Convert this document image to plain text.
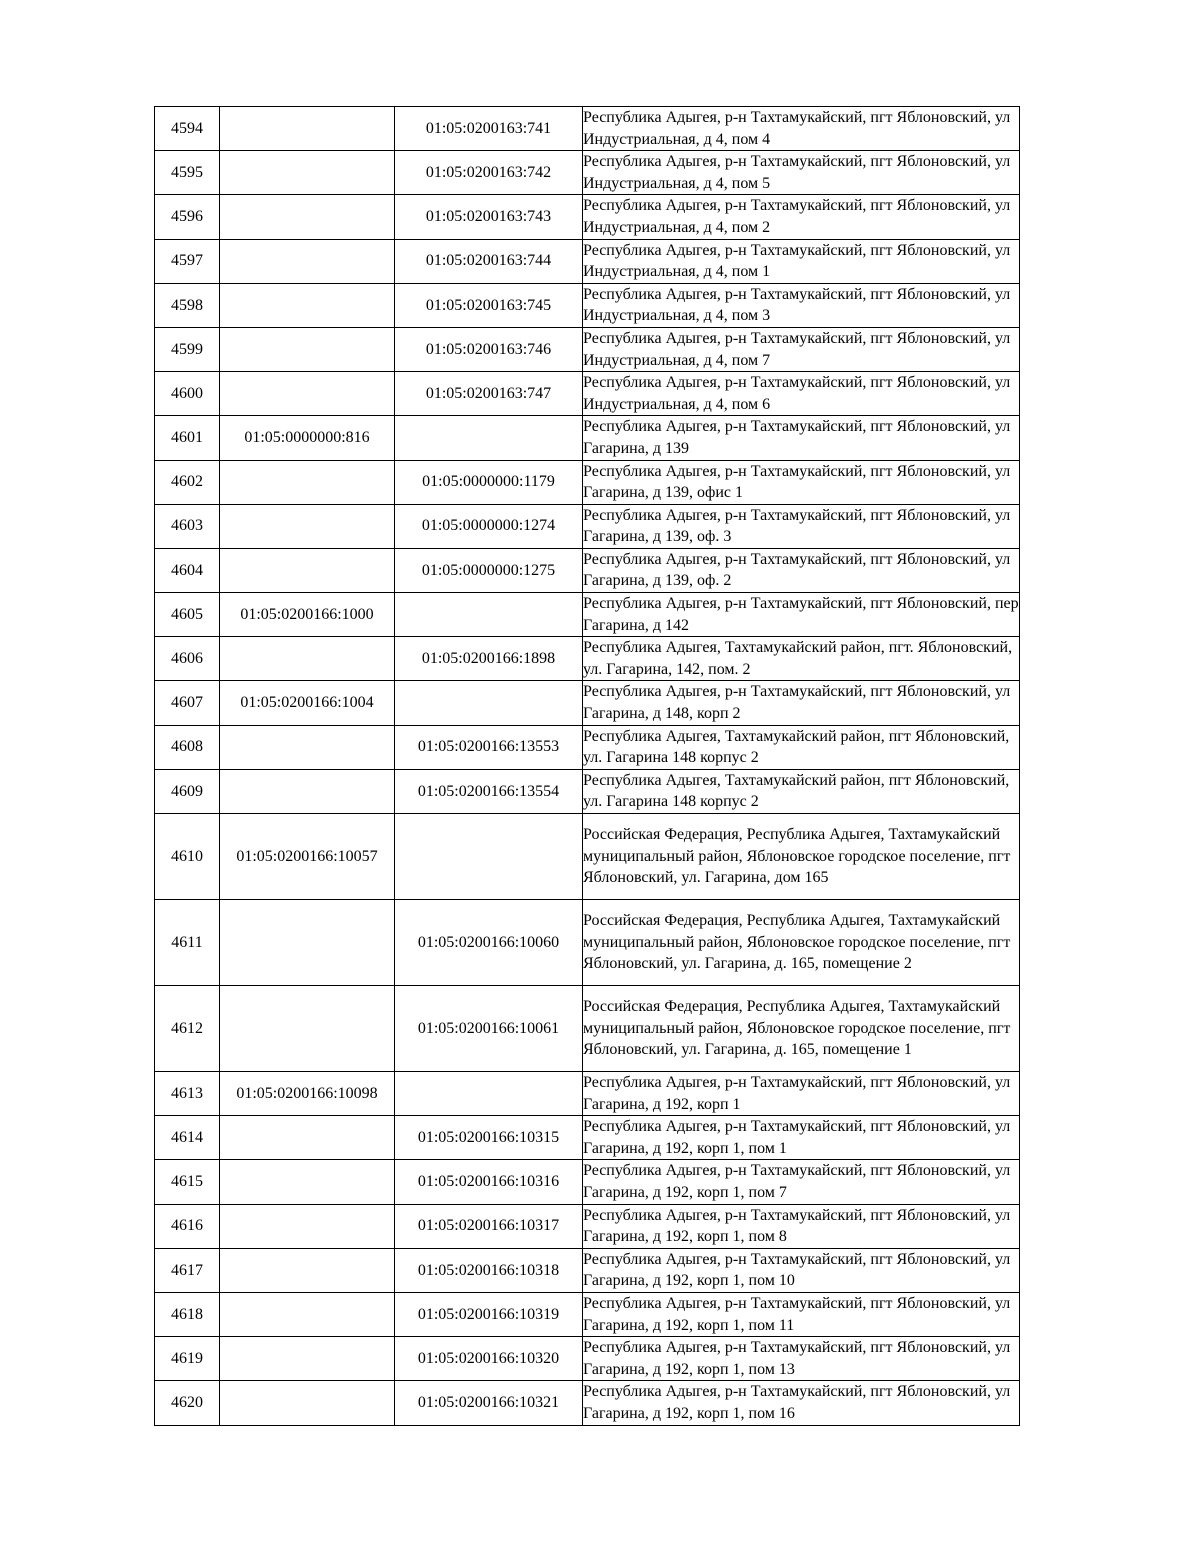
4594		01:05:0200163:741	Республика Адыгея, р-н Тахтамукайский, пгт Яблоновский, ул Индустриальная, д 4, пом 4
4595		01:05:0200163:742	Республика Адыгея, р-н Тахтамукайский, пгт Яблоновский, ул Индустриальная, д 4, пом 5
4596		01:05:0200163:743	Республика Адыгея, р-н Тахтамукайский, пгт Яблоновский, ул Индустриальная, д 4, пом 2
4597		01:05:0200163:744	Республика Адыгея, р-н Тахтамукайский, пгт Яблоновский, ул Индустриальная, д 4, пом 1
4598		01:05:0200163:745	Республика Адыгея, р-н Тахтамукайский, пгт Яблоновский, ул Индустриальная, д 4, пом 3
4599		01:05:0200163:746	Республика Адыгея, р-н Тахтамукайский, пгт Яблоновский, ул Индустриальная, д 4, пом 7
4600		01:05:0200163:747	Республика Адыгея, р-н Тахтамукайский, пгт Яблоновский, ул Индустриальная, д 4, пом 6
4601	01:05:0000000:816		Республика Адыгея, р-н Тахтамукайский, пгт Яблоновский, ул Гагарина, д 139
4602		01:05:0000000:1179	Республика Адыгея, р-н Тахтамукайский, пгт Яблоновский, ул Гагарина, д 139, офис 1
4603		01:05:0000000:1274	Республика Адыгея, р-н Тахтамукайский, пгт Яблоновский, ул Гагарина, д 139, оф. 3
4604		01:05:0000000:1275	Республика Адыгея, р-н Тахтамукайский, пгт Яблоновский, ул Гагарина, д 139, оф. 2
4605	01:05:0200166:1000		Республика Адыгея, р-н Тахтамукайский, пгт Яблоновский, пер Гагарина, д 142
4606		01:05:0200166:1898	Республика Адыгея, Тахтамукайский район, пгт. Яблоновский, ул. Гагарина, 142, пом. 2
4607	01:05:0200166:1004		Республика Адыгея, р-н Тахтамукайский, пгт Яблоновский, ул Гагарина, д 148, корп 2
4608		01:05:0200166:13553	Республика Адыгея, Тахтамукайский район, пгт Яблоновский, ул. Гагарина 148 корпус 2
4609		01:05:0200166:13554	Республика Адыгея, Тахтамукайский район, пгт Яблоновский, ул. Гагарина 148 корпус 2
4610	01:05:0200166:10057		Российская Федерация, Республика Адыгея, Тахтамукайский муниципальный район, Яблоновское городское поселение, пгт Яблоновский, ул. Гагарина, дом 165
4611		01:05:0200166:10060	Российская Федерация, Республика Адыгея, Тахтамукайский муниципальный район, Яблоновское городское поселение, пгт Яблоновский, ул. Гагарина, д. 165, помещение 2
4612		01:05:0200166:10061	Российская Федерация, Республика Адыгея, Тахтамукайский муниципальный район, Яблоновское городское поселение, пгт Яблоновский, ул. Гагарина, д. 165, помещение 1
4613	01:05:0200166:10098		Республика Адыгея, р-н Тахтамукайский, пгт Яблоновский, ул Гагарина, д 192, корп 1
4614		01:05:0200166:10315	Республика Адыгея, р-н Тахтамукайский, пгт Яблоновский, ул Гагарина, д 192, корп 1, пом 1
4615		01:05:0200166:10316	Республика Адыгея, р-н Тахтамукайский, пгт Яблоновский, ул Гагарина, д 192, корп 1, пом 7
4616		01:05:0200166:10317	Республика Адыгея, р-н Тахтамукайский, пгт Яблоновский, ул Гагарина, д 192, корп 1, пом 8
4617		01:05:0200166:10318	Республика Адыгея, р-н Тахтамукайский, пгт Яблоновский, ул Гагарина, д 192, корп 1, пом 10
4618		01:05:0200166:10319	Республика Адыгея, р-н Тахтамукайский, пгт Яблоновский, ул Гагарина, д 192, корп 1, пом 11
4619		01:05:0200166:10320	Республика Адыгея, р-н Тахтамукайский, пгт Яблоновский, ул Гагарина, д 192, корп 1, пом 13
4620		01:05:0200166:10321	Республика Адыгея, р-н Тахтамукайский, пгт Яблоновский, ул Гагарина, д 192, корп 1, пом 16
